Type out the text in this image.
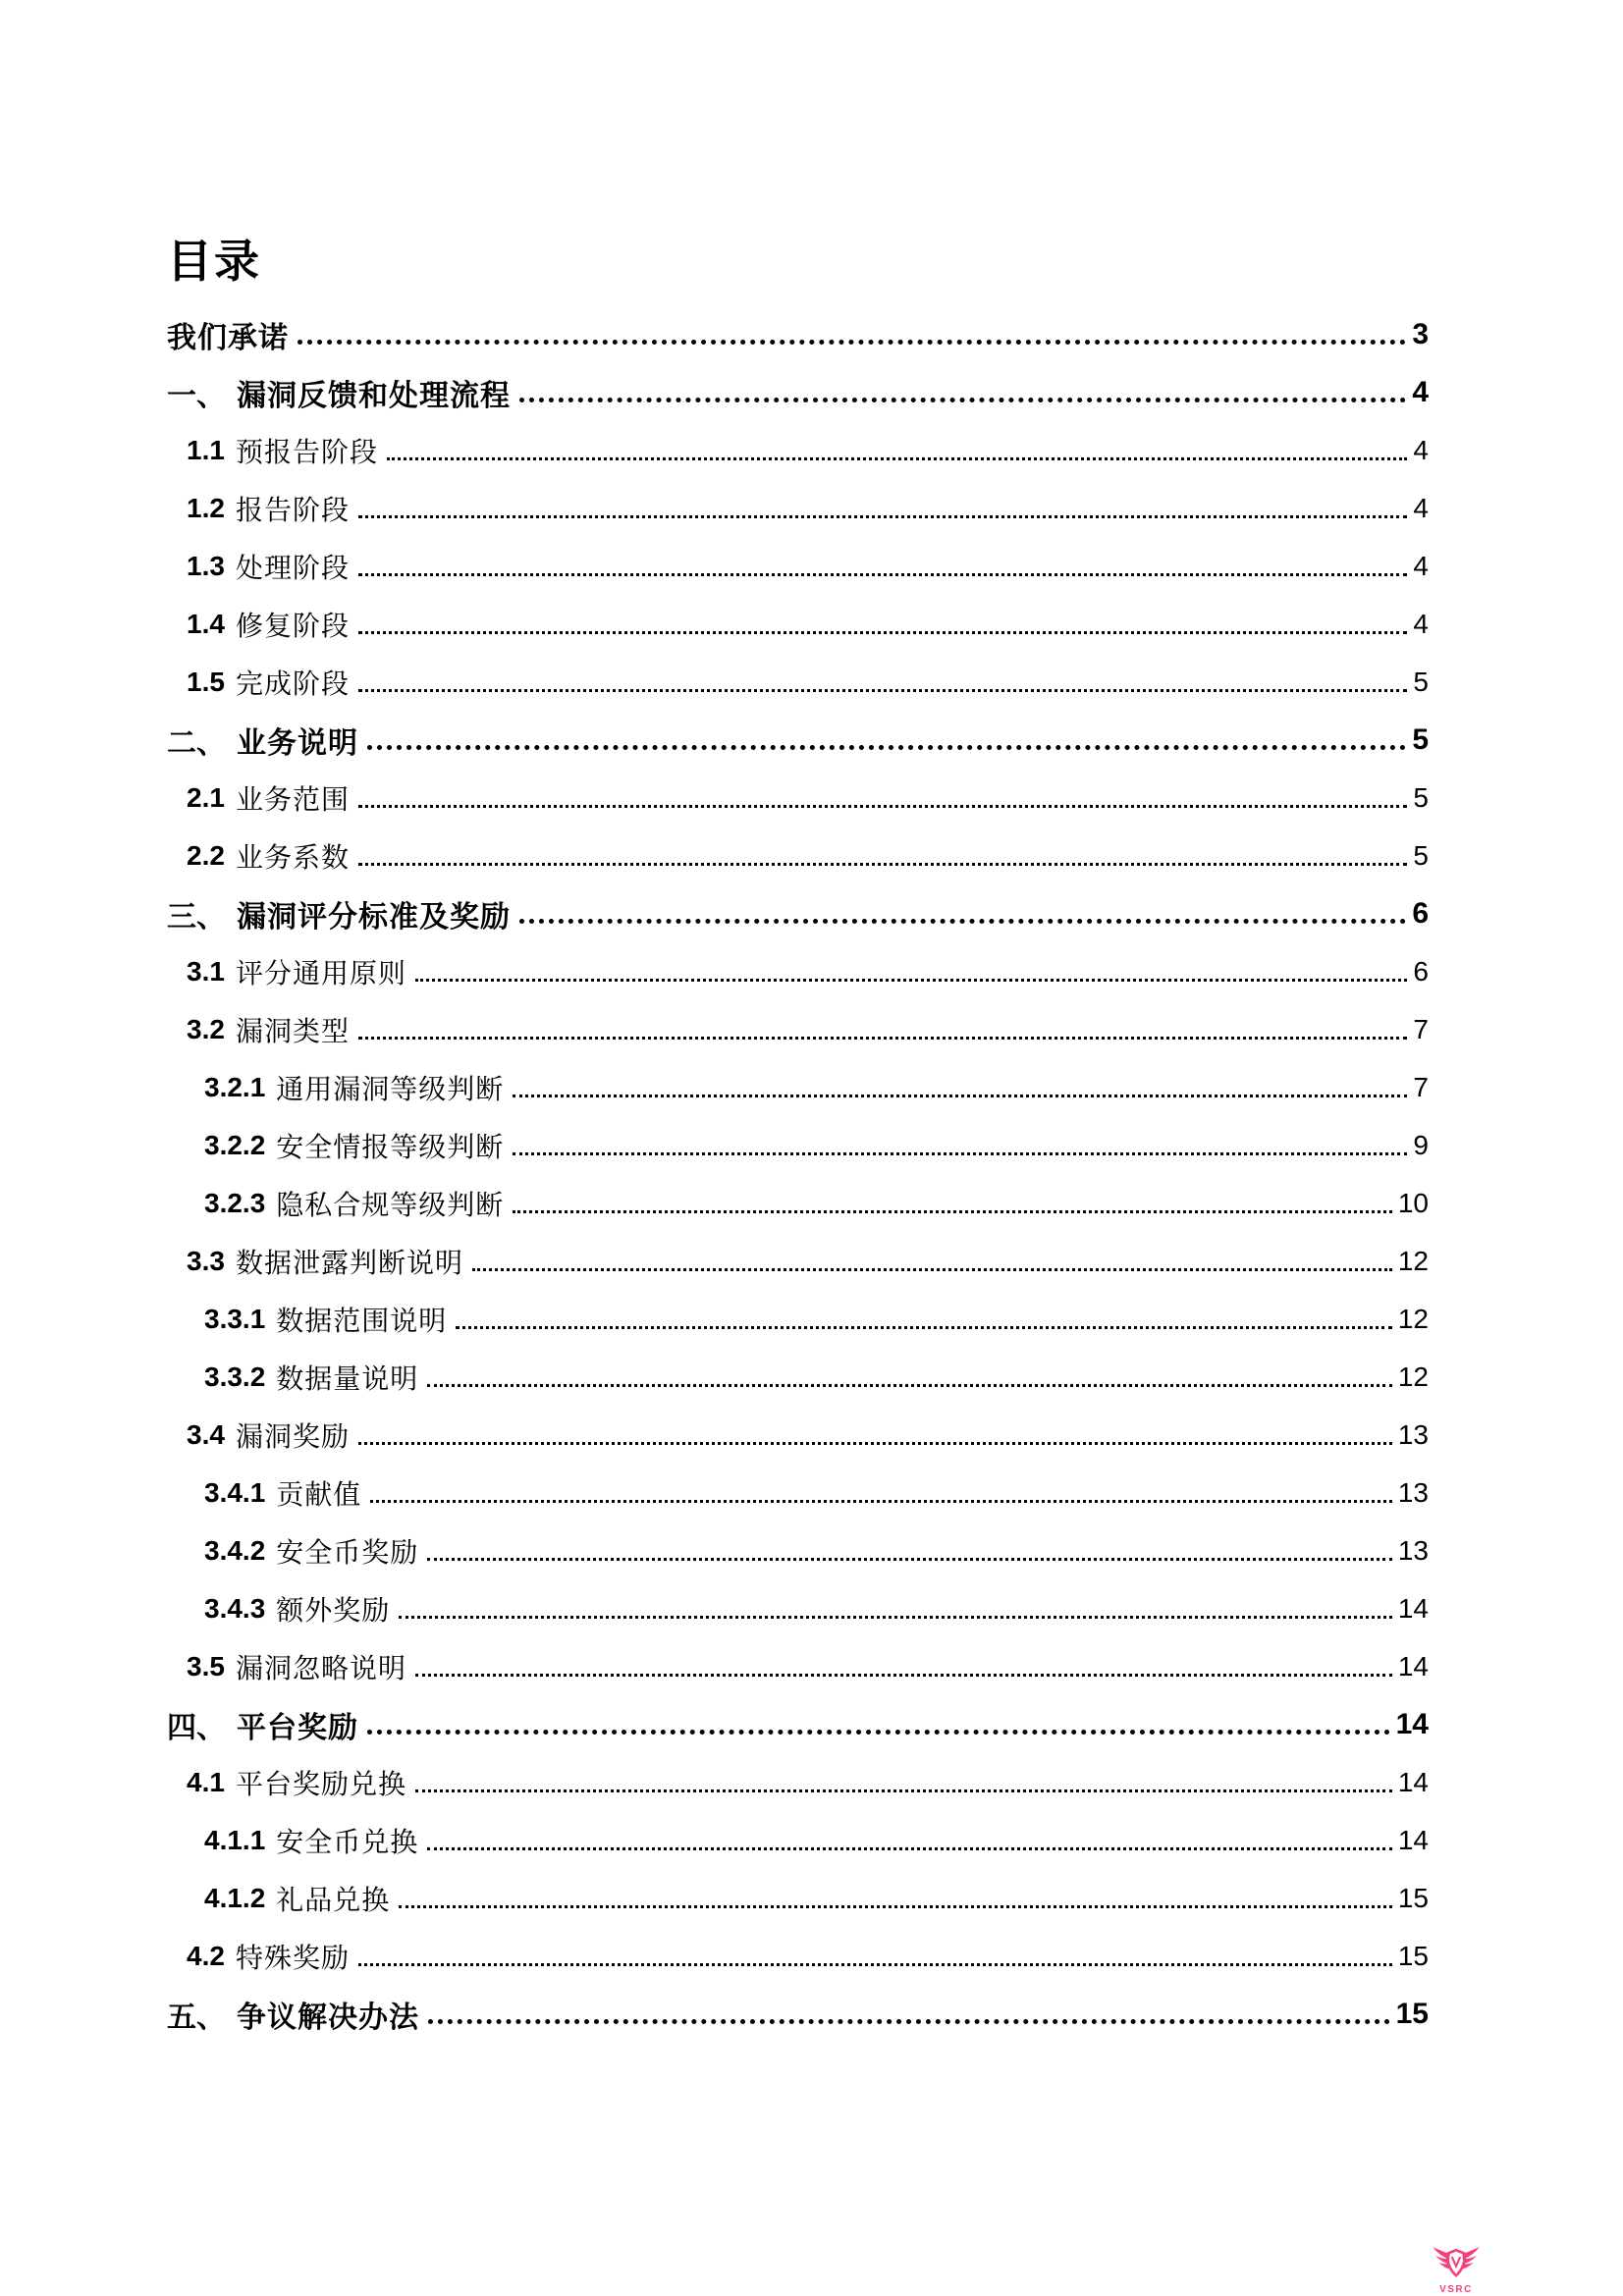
目录
我们承诺	3
一、 漏洞反馈和处理流程	4
1.1 预报告阶段	4
1.2 报告阶段	4
1.3 处理阶段	4
1.4 修复阶段	4
1.5 完成阶段	5
二、 业务说明	5
2.1 业务范围	5
2.2 业务系数	5
三、 漏洞评分标准及奖励	6
3.1 评分通用原则	6
3.2 漏洞类型	7
3.2.1 通用漏洞等级判断	7
3.2.2 安全情报等级判断	9
3.2.3 隐私合规等级判断	10
3.3 数据泄露判断说明	12
3.3.1 数据范围说明	12
3.3.2 数据量说明	12
3.4 漏洞奖励	13
3.4.1 贡献值	13
3.4.2 安全币奖励	13
3.4.3 额外奖励	14
3.5 漏洞忽略说明	14
四、 平台奖励	14
4.1 平台奖励兑换	14
4.1.1 安全币兑换	14
4.1.2 礼品兑换	15
4.2 特殊奖励	15
五、 争议解决办法	15
VSRC
